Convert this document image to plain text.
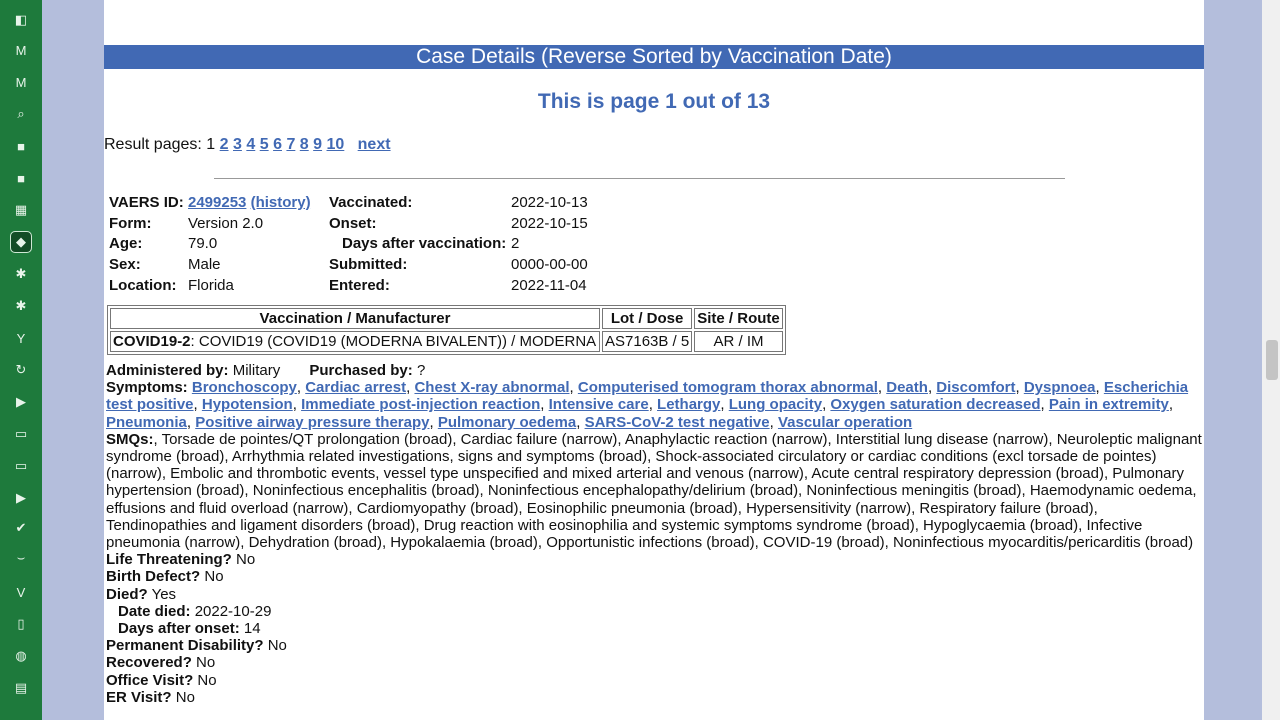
◧
M
M
⌕
■
■
▦
◆
✱
✱
Y
↻
▶
▭
▭
▶
✔
⌣
V
▯
◍
▤
Case Details (Reverse Sorted by Vaccination Date)
This is page 1 out of 13
Result pages: 1 2 3 4 5 6 7 8 9 10 next
VAERS ID:	2499253 (history)	Vaccinated:	2022-10-13
Form:	Version 2.0	Onset:	2022-10-15
Age:	79.0	Days after vaccination:	2
Sex:	Male	Submitted:	0000-00-00
Location:	Florida	Entered:	2022-11-04
Vaccination / Manufacturer	Lot / Dose	Site / Route
COVID19-2: COVID19 (COVID19 (MODERNA BIVALENT)) / MODERNA	AS7163B / 5	AR / IM

Administered by: Military Purchased by: ?

Symptoms: Bronchoscopy, Cardiac arrest, Chest X-ray abnormal, Computerised tomogram thorax abnormal, Death, Discomfort, Dyspnoea, Escherichia test positive, Hypotension, Immediate post-injection reaction, Intensive care, Lethargy, Lung opacity, Oxygen saturation decreased, Pain in extremity, Pneumonia, Positive airway pressure therapy, Pulmonary oedema, SARS-CoV-2 test negative, Vascular operation

SMQs:, Torsade de pointes/QT prolongation (broad), Cardiac failure (narrow), Anaphylactic reaction (narrow), Interstitial lung disease (narrow), Neuroleptic malignant syndrome (broad), Arrhythmia related investigations, signs and symptoms (broad), Shock-associated circulatory or cardiac conditions (excl torsade de pointes) (narrow), Embolic and thrombotic events, vessel type unspecified and mixed arterial and venous (narrow), Acute central respiratory depression (broad), Pulmonary hypertension (broad), Noninfectious encephalitis (broad), Noninfectious encephalopathy/delirium (broad), Noninfectious meningitis (broad), Haemodynamic oedema, effusions and fluid overload (narrow), Cardiomyopathy (broad), Eosinophilic pneumonia (broad), Hypersensitivity (narrow), Respiratory failure (broad), Tendinopathies and ligament disorders (broad), Drug reaction with eosinophilia and systemic symptoms syndrome (broad), Hypoglycaemia (broad), Infective pneumonia (narrow), Dehydration (broad), Hypokalaemia (broad), Opportunistic infections (broad), COVID-19 (broad), Noninfectious myocarditis/pericarditis (broad)

Life Threatening? No

Birth Defect? No

Died? Yes

Date died: 2022-10-29

Days after onset: 14

Permanent Disability? No

Recovered? No

Office Visit? No

ER Visit? No
